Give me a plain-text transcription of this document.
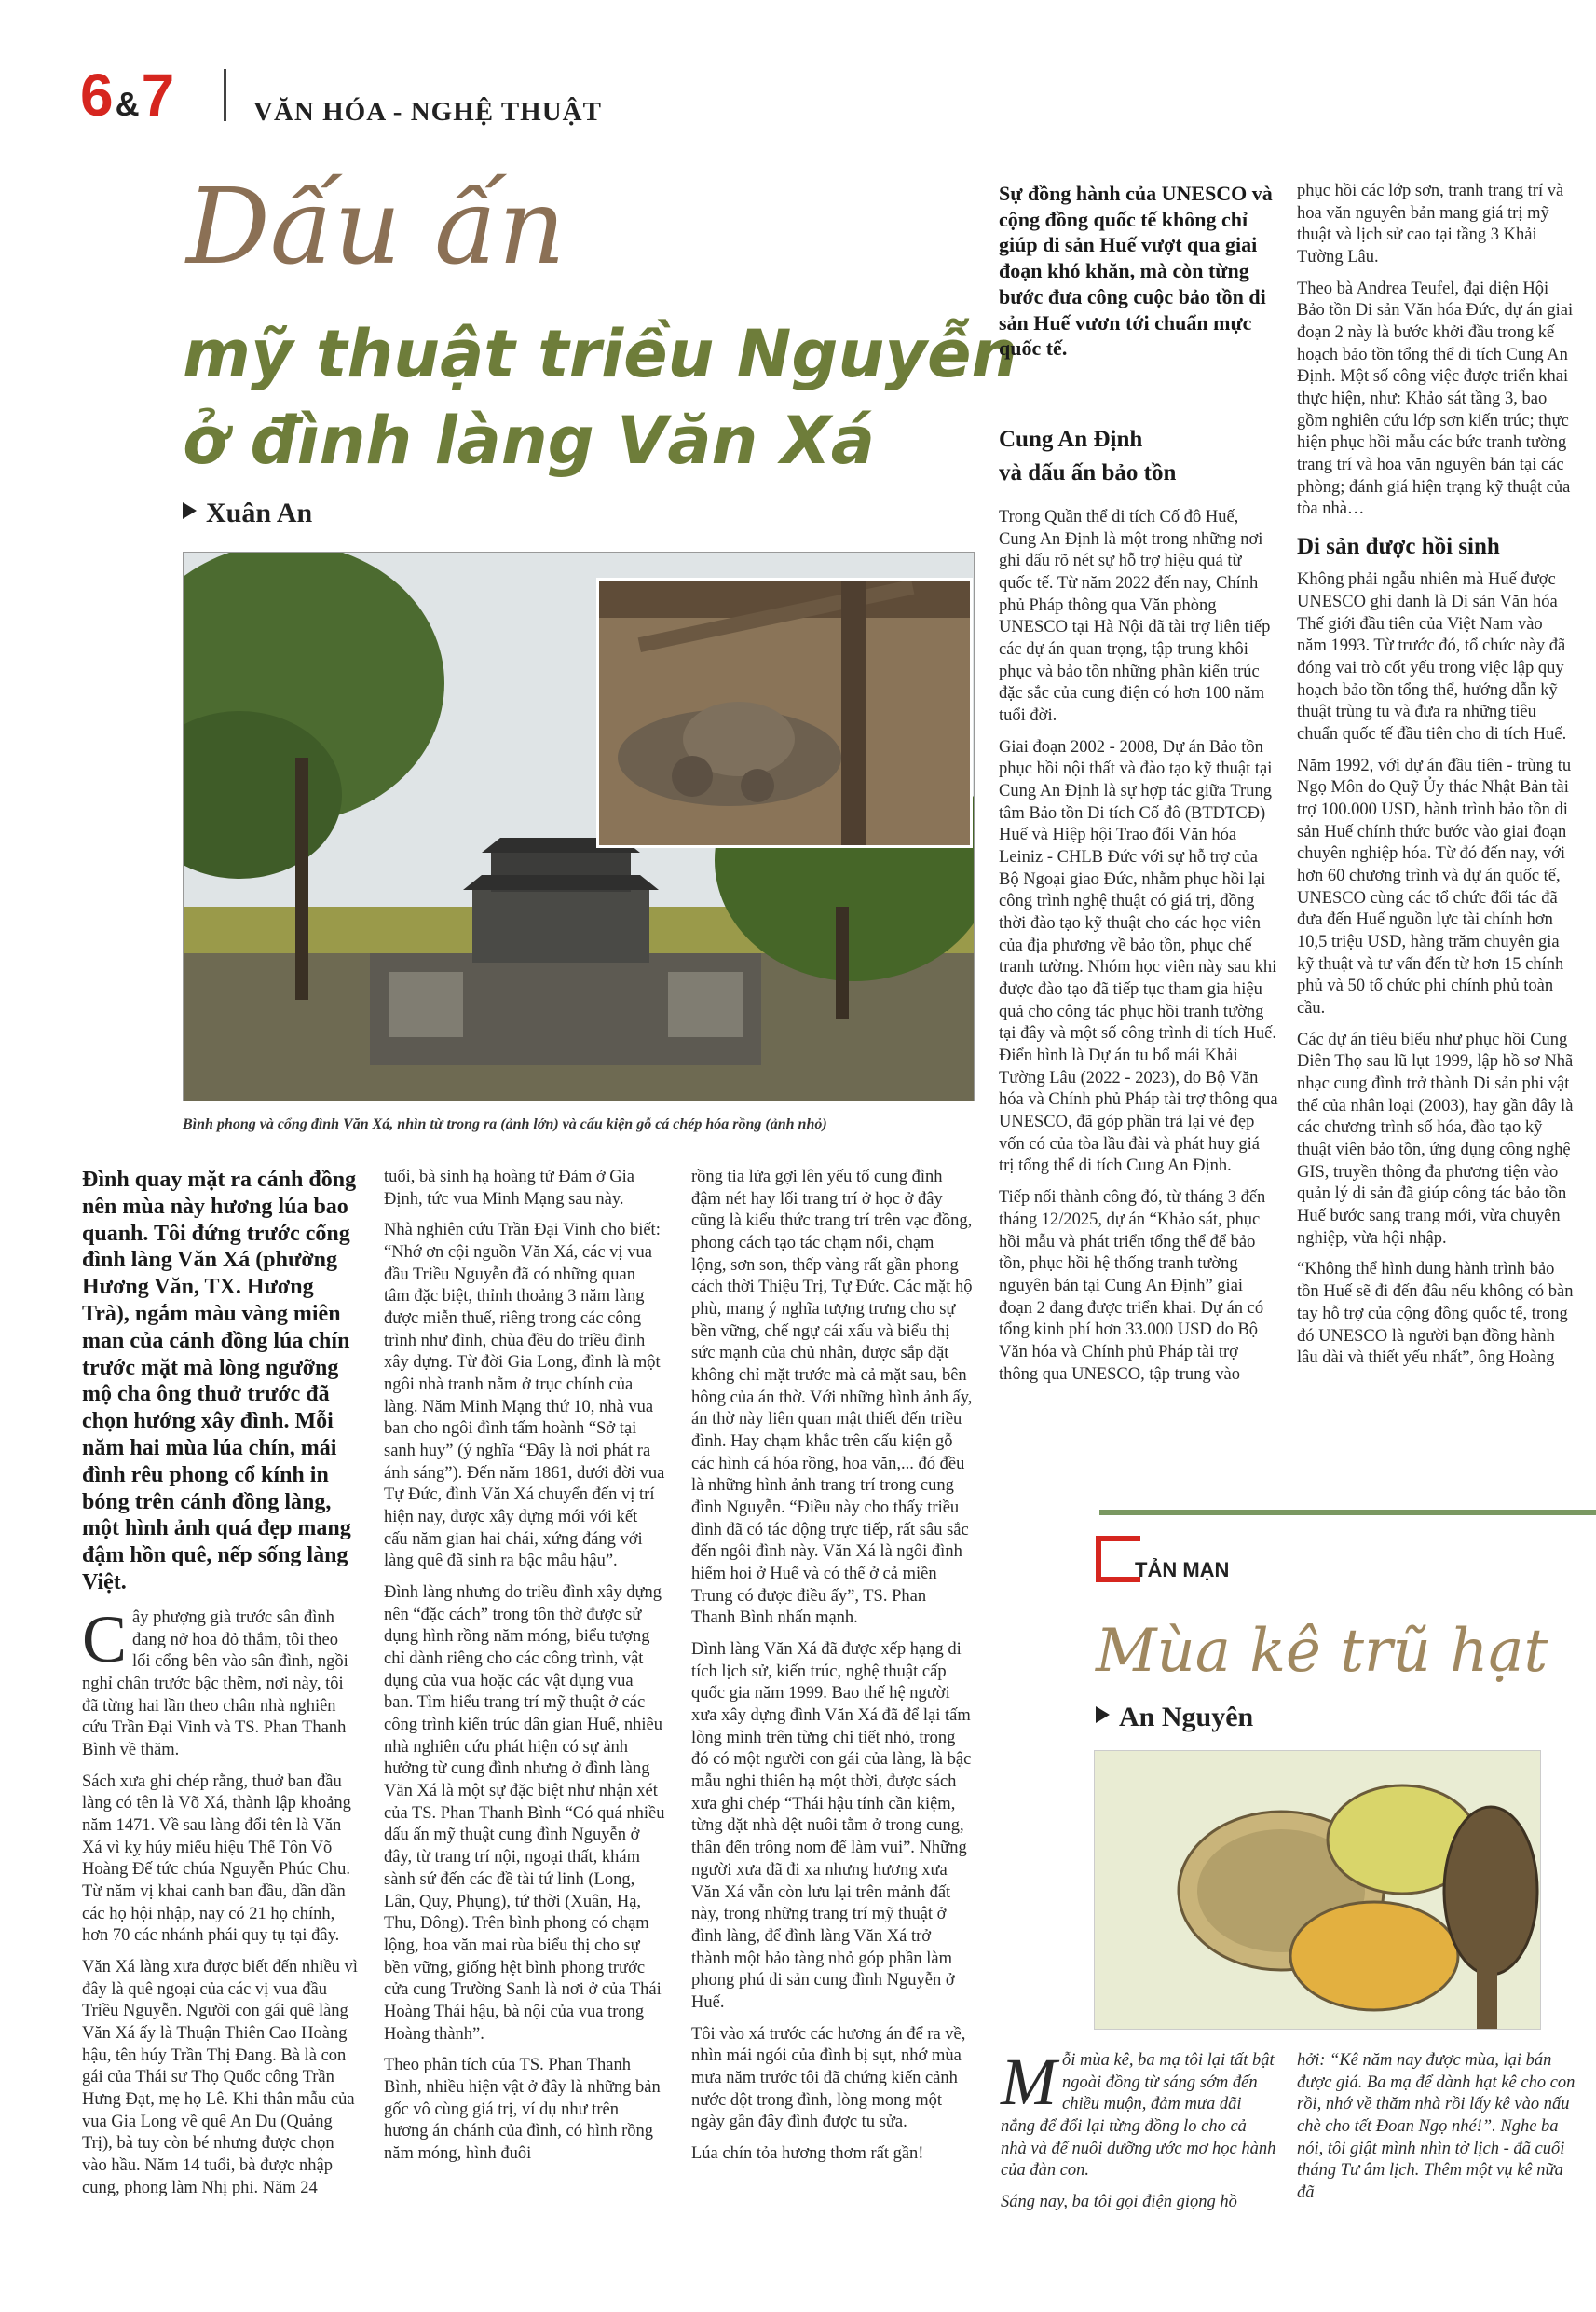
6&7	VĂN HÓA - NGHỆ THUẬT
Dấu ấn
mỹ thuật triều Nguyễn
ở đình làng Văn Xá
Xuân An
Bình phong và cổng đình Văn Xá, nhìn từ trong ra (ảnh lớn) và cấu kiện gỗ cá chép hóa rồng (ảnh nhỏ)
Đình quay mặt ra cánh đồng nên mùa này hương lúa bao quanh. Tôi đứng trước cổng đình làng Văn Xá (phường Hương Văn, TX. Hương Trà), ngắm màu vàng miên man của cánh đồng lúa chín trước mặt mà lòng ngưỡng mộ cha ông thuở trước đã chọn hướng xây đình. Mỗi năm hai mùa lúa chín, mái đình rêu phong cổ kính in bóng trên cánh đồng làng, một hình ảnh quá đẹp mang đậm hồn quê, nếp sống làng Việt.

Cây phượng già trước sân đình đang nở hoa đỏ thắm, tôi theo lối cổng bên vào sân đình, ngồi nghỉ chân trước bậc thềm, nơi này, tôi đã từng hai lần theo chân nhà nghiên cứu Trần Đại Vinh và TS. Phan Thanh Bình về thăm.

Sách xưa ghi chép rằng, thuở ban đầu làng có tên là Võ Xá, thành lập khoảng năm 1471. Về sau làng đổi tên là Văn Xá vì kỵ húy miếu hiệu Thế Tôn Võ Hoàng Đế tức chúa Nguyễn Phúc Chu. Từ năm vị khai canh ban đầu, dần dần các họ hội nhập, nay có 21 họ chính, hơn 70 các nhánh phái quy tụ tại đây.

Văn Xá làng xưa được biết đến nhiều vì đây là quê ngoại của các vị vua đầu Triều Nguyễn. Người con gái quê làng Văn Xá ấy là Thuận Thiên Cao Hoàng hậu, tên húy Trần Thị Đang. Bà là con gái của Thái sư Thọ Quốc công Trần Hưng Đạt, mẹ họ Lê. Khi thân mẫu của vua Gia Long về quê An Du (Quảng Trị), bà tuy còn bé nhưng được chọn vào hầu. Năm 14 tuổi, bà được nhập cung, phong làm Nhị phi. Năm 24

tuổi, bà sinh hạ hoàng tử Đảm ở Gia Định, tức vua Minh Mạng sau này.

Nhà nghiên cứu Trần Đại Vinh cho biết: “Nhớ ơn cội nguồn Văn Xá, các vị vua đầu Triều Nguyễn đã có những quan tâm đặc biệt, thỉnh thoảng 3 năm làng được miễn thuế, riêng trong các công trình như đình, chùa đều do triều đình xây dựng. Từ đời Gia Long, đình là một ngôi nhà tranh nằm ở trục chính của làng. Năm Minh Mạng thứ 10, nhà vua ban cho ngôi đình tấm hoành “Sở tại sanh huy” (ý nghĩa “Đây là nơi phát ra ánh sáng”). Đến năm 1861, dưới đời vua Tự Đức, đình Văn Xá chuyển đến vị trí hiện nay, được xây dựng mới với kết cấu năm gian hai chái, xứng đáng với làng quê đã sinh ra bậc mẫu hậu”.

Đình làng nhưng do triều đình xây dựng nên “đặc cách” trong tôn thờ được sử dụng hình rồng năm móng, biểu tượng chỉ dành riêng cho các công trình, vật dụng của vua hoặc các vật dụng vua ban. Tìm hiểu trang trí mỹ thuật ở các công trình kiến trúc dân gian Huế, nhiều nhà nghiên cứu phát hiện có sự ảnh hưởng từ cung đình nhưng ở đình làng Văn Xá là một sự đặc biệt như nhận xét của TS. Phan Thanh Bình “Có quá nhiều dấu ấn mỹ thuật cung đình Nguyễn ở đây, từ trang trí nội, ngoại thất, khám sành sứ đến các đề tài tứ linh (Long, Lân, Quy, Phụng), tứ thời (Xuân, Hạ, Thu, Đông). Trên bình phong có chạm lộng, hoa văn mai rùa biểu thị cho sự bền vững, giống hệt bình phong trước cửa cung Trường Sanh là nơi ở của Thái Hoàng Thái hậu, bà nội của vua trong Hoàng thành”.

Theo phân tích của TS. Phan Thanh Bình, nhiều hiện vật ở đây là những bản gốc vô cùng giá trị, ví dụ như trên hương án chánh của đình, có hình rồng năm móng, hình đuôi

rồng tia lửa gợi lên yếu tố cung đình đậm nét hay lối trang trí ở học ở đây cũng là kiểu thức trang trí trên vạc đồng, phong cách tạo tác chạm nổi, chạm lộng, sơn son, thếp vàng rất gần phong cách thời Thiệu Trị, Tự Đức. Các mặt hộ phù, mang ý nghĩa tượng trưng cho sự bền vững, chế ngự cái xấu và biểu thị sức mạnh của chủ nhân, được sắp đặt không chỉ mặt trước mà cả mặt sau, bên hông của án thờ. Với những hình ảnh ấy, án thờ này liên quan mật thiết đến triều đình. Hay chạm khắc trên cấu kiện gỗ các hình cá hóa rồng, hoa văn,... đó đều là những hình ảnh trang trí trong cung đình Nguyễn. “Điều này cho thấy triều đình đã có tác động trực tiếp, rất sâu sắc đến ngôi đình này. Văn Xá là ngôi đình hiếm hoi ở Huế và có thể ở cả miền Trung có được điều ấy”, TS. Phan Thanh Bình nhấn mạnh.

Đình làng Văn Xá đã được xếp hạng di tích lịch sử, kiến trúc, nghệ thuật cấp quốc gia năm 1999. Bao thế hệ người xưa xây dựng đình Văn Xá đã để lại tấm lòng mình trên từng chi tiết nhỏ, trong đó có một người con gái của làng, là bậc mẫu nghi thiên hạ một thời, được sách xưa ghi chép “Thái hậu tính cần kiệm, từng dặt nhà dệt nuôi tằm ở trong cung, thân đến trông nom để làm vui”. Những người xưa đã đi xa nhưng hương xưa Văn Xá vẫn còn lưu lại trên mảnh đất này, trong những trang trí mỹ thuật ở đình làng, để đình làng Văn Xá trở thành một bảo tàng nhỏ góp phần làm phong phú di sản cung đình Nguyễn ở Huế.

Tôi vào xá trước các hương án để ra về, nhìn mái ngói của đình bị sụt, nhớ mùa mưa năm trước tôi đã chứng kiến cảnh nước dột trong đình, lòng mong một ngày gần đây đình được tu sửa.

Lúa chín tỏa hương thơm rất gần!

Sự đồng hành của UNESCO và cộng đồng quốc tế không chỉ giúp di sản Huế vượt qua giai đoạn khó khăn, mà còn từng bước đưa công cuộc bảo tồn di sản Huế vươn tới chuẩn mực quốc tế.
Cung An Định
và dấu ấn bảo tồn

Trong Quần thể di tích Cố đô Huế, Cung An Định là một trong những nơi ghi dấu rõ nét sự hỗ trợ hiệu quả từ quốc tế. Từ năm 2022 đến nay, Chính phủ Pháp thông qua Văn phòng UNESCO tại Hà Nội đã tài trợ liên tiếp các dự án quan trọng, tập trung khôi phục và bảo tồn những phần kiến trúc đặc sắc của cung điện có hơn 100 năm tuổi đời.

Giai đoạn 2002 - 2008, Dự án Bảo tồn phục hồi nội thất và đào tạo kỹ thuật tại Cung An Định là sự hợp tác giữa Trung tâm Bảo tồn Di tích Cố đô (BTDTCĐ) Huế và Hiệp hội Trao đổi Văn hóa Leiniz - CHLB Đức với sự hỗ trợ của Bộ Ngoại giao Đức, nhằm phục hồi lại công trình nghệ thuật có giá trị, đồng thời đào tạo kỹ thuật cho các học viên của địa phương về bảo tồn, phục chế tranh tường. Nhóm học viên này sau khi được đào tạo đã tiếp tục tham gia hiệu quả cho công tác phục hồi tranh tường tại đây và một số công trình di tích Huế. Điển hình là Dự án tu bổ mái Khải Tường Lâu (2022 - 2023), do Bộ Văn hóa và Chính phủ Pháp tài trợ thông qua UNESCO, đã góp phần trả lại vẻ đẹp vốn có của tòa lầu đài và phát huy giá trị tổng thể di tích Cung An Định.

Tiếp nối thành công đó, từ tháng 3 đến tháng 12/2025, dự án “Khảo sát, phục hồi mẫu và phát triển tổng thể để bảo tồn, phục hồi hệ thống tranh tường nguyên bản tại Cung An Định” giai đoạn 2 đang được triển khai. Dự án có tổng kinh phí hơn 33.000 USD do Bộ Văn hóa và Chính phủ Pháp tài trợ thông qua UNESCO, tập trung vào

phục hồi các lớp sơn, tranh trang trí và hoa văn nguyên bản mang giá trị mỹ thuật và lịch sử cao tại tầng 3 Khải Tường Lâu.

Theo bà Andrea Teufel, đại diện Hội Bảo tồn Di sản Văn hóa Đức, dự án giai đoạn 2 này là bước khởi đầu trong kế hoạch bảo tồn tổng thể di tích Cung An Định. Một số công việc được triển khai thực hiện, như: Khảo sát tầng 3, bao gồm nghiên cứu lớp sơn kiến trúc; thực hiện phục hồi mẫu các bức tranh tường trang trí và hoa văn nguyên bản tại các phòng; đánh giá hiện trạng kỹ thuật của tòa nhà…

Di sản được hồi sinh

Không phải ngẫu nhiên mà Huế được UNESCO ghi danh là Di sản Văn hóa Thế giới đầu tiên của Việt Nam vào năm 1993. Từ trước đó, tổ chức này đã đóng vai trò cốt yếu trong việc lập quy hoạch bảo tồn tổng thể, hướng dẫn kỹ thuật trùng tu và đưa ra những tiêu chuẩn quốc tế đầu tiên cho di tích Huế.

Năm 1992, với dự án đầu tiên - trùng tu Ngọ Môn do Quỹ Ủy thác Nhật Bản tài trợ 100.000 USD, hành trình bảo tồn di sản Huế chính thức bước vào giai đoạn chuyên nghiệp hóa. Từ đó đến nay, với hơn 60 chương trình và dự án quốc tế, UNESCO cùng các tổ chức đối tác đã đưa đến Huế nguồn lực tài chính hơn 10,5 triệu USD, hàng trăm chuyên gia kỹ thuật và tư vấn đến từ hơn 15 chính phủ và 50 tổ chức phi chính phủ toàn cầu.

Các dự án tiêu biểu như phục hồi Cung Diên Thọ sau lũ lụt 1999, lập hồ sơ Nhã nhạc cung đình trở thành Di sản phi vật thể của nhân loại (2003), hay gần đây là các chương trình số hóa, đào tạo kỹ thuật viên bảo tồn, ứng dụng công nghệ GIS, truyền thông đa phương tiện vào quản lý di sản đã giúp công tác bảo tồn Huế bước sang trang mới, vừa chuyên nghiệp, vừa hội nhập.

“Không thể hình dung hành trình bảo tồn Huế sẽ đi đến đâu nếu không có bàn tay hỗ trợ của cộng đồng quốc tế, trong đó UNESCO là người bạn đồng hành lâu dài và thiết yếu nhất”, ông Hoàng

TẢN MẠN
Mùa kê trũ hạt
An Nguyên

Mỗi mùa kê, ba mạ tôi lại tất bật ngoài đồng từ sáng sớm đến chiều muộn, đảm mưa dãi nắng để đổi lại từng đồng lo cho cả nhà và để nuôi dưỡng ước mơ học hành của đàn con.

Sáng nay, ba tôi gọi điện giọng hồ

hởi: “Kê năm nay được mùa, lại bán được giá. Ba mạ để dành hạt kê cho con rồi, nhớ về thăm nhà rồi lấy kê vào nấu chè cho tết Đoan Ngọ nhé!”. Nghe ba nói, tôi giật mình nhìn tờ lịch - đã cuối tháng Tư âm lịch. Thêm một vụ kê nữa đã
